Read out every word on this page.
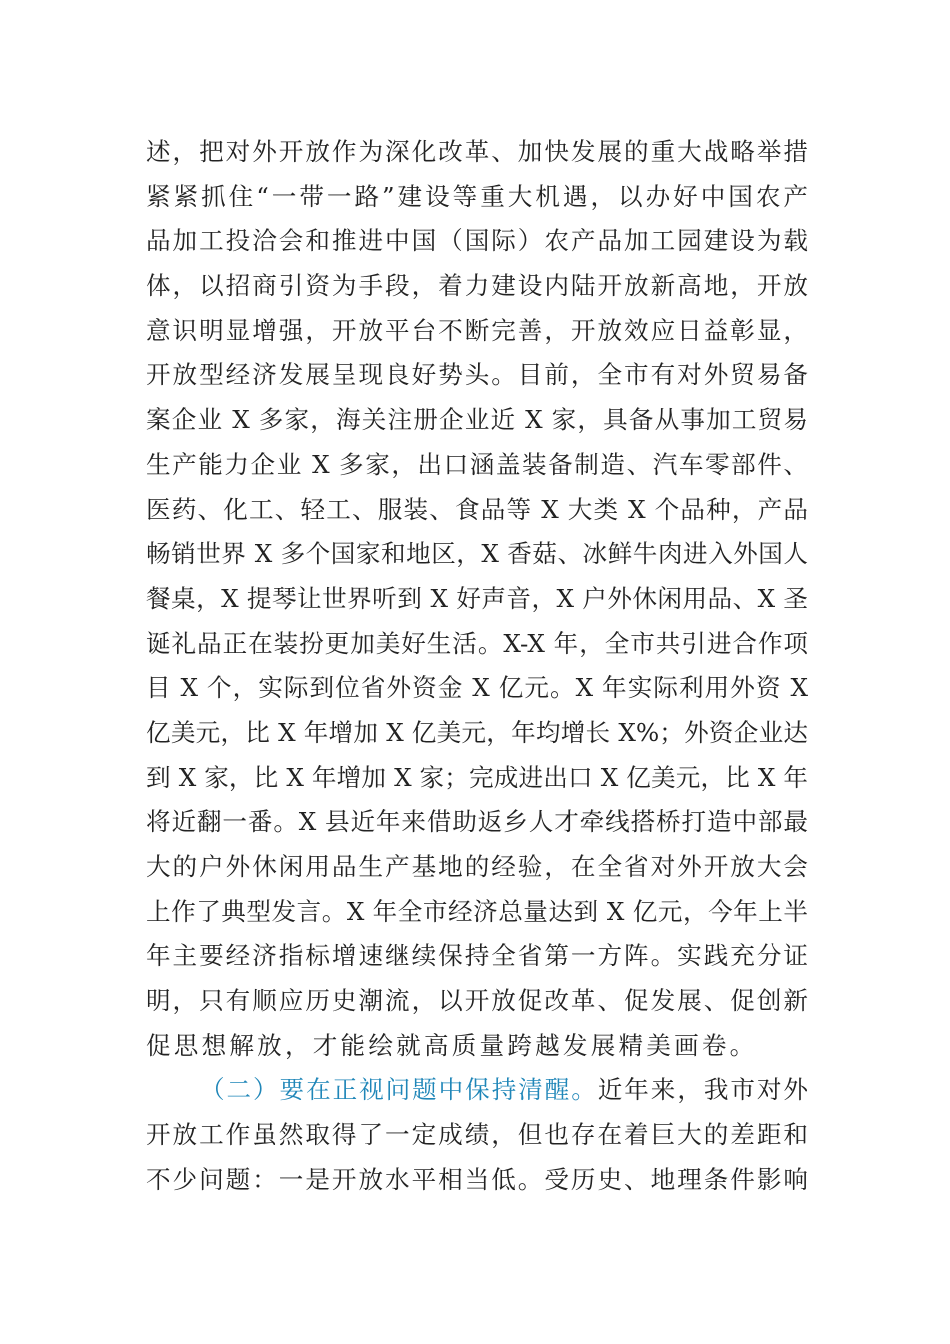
述，把对外开放作为深化改革、加快发展的重大战略举措
紧紧抓住“一带一路”建设等重大机遇，以办好中国农产
品加工投洽会和推进中国（国际）农产品加工园建设为载
体，以招商引资为手段，着力建设内陆开放新高地，开放
意识明显增强，开放平台不断完善，开放效应日益彰显，
开放型经济发展呈现良好势头。目前，全市有对外贸易备
案企业 X 多家，海关注册企业近 X 家，具备从事加工贸易
生产能力企业 X 多家，出口涵盖装备制造、汽车零部件、
医药、化工、轻工、服装、食品等 X 大类 X 个品种，产品
畅销世界 X 多个国家和地区，X 香菇、冰鲜牛肉进入外国人
餐桌，X 提琴让世界听到 X 好声音，X 户外休闲用品、X 圣
诞礼品正在装扮更加美好生活。X-X 年，全市共引进合作项
目 X 个，实际到位省外资金 X 亿元。X 年实际利用外资 X
亿美元，比 X 年增加 X 亿美元，年均增长 X%；外资企业达
到 X 家，比 X 年增加 X 家；完成进出口 X 亿美元，比 X 年
将近翻一番。X 县近年来借助返乡人才牵线搭桥打造中部最
大的户外休闲用品生产基地的经验，在全省对外开放大会
上作了典型发言。X 年全市经济总量达到 X 亿元，今年上半
年主要经济指标增速继续保持全省第一方阵。实践充分证
明，只有顺应历史潮流，以开放促改革、促发展、促创新
促思想解放，才能绘就高质量跨越发展精美画卷。
（二）要在正视问题中保持清醒。近年来，我市对外
开放工作虽然取得了一定成绩，但也存在着巨大的差距和
不少问题：一是开放水平相当低。受历史、地理条件影响
